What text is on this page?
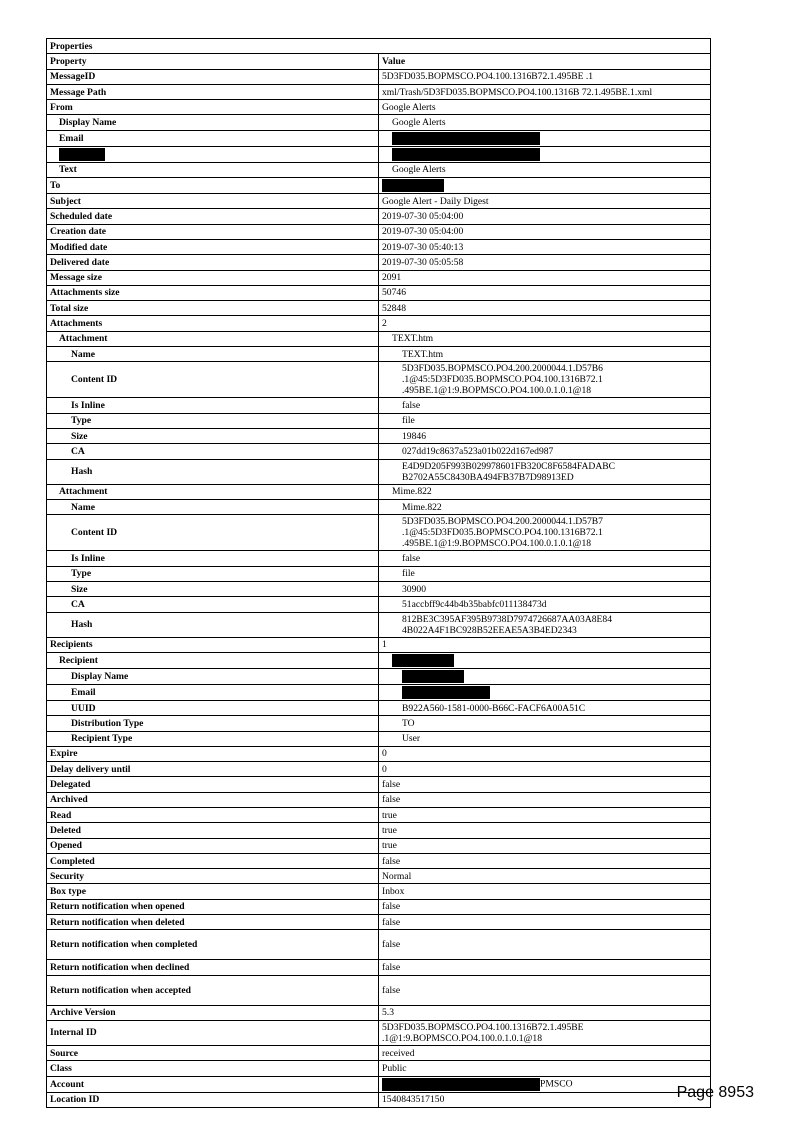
Properties	
Property	Value
MessageID	5D3FD035.BOPMSCO.PO4.100.1316B72.1.495BE .1

Message Path	xml/Trash/5D3FD035.BOPMSCO.PO4.100.1316B 72.1.495BE.1.xml

From	Google Alerts

Display Name	Google Alerts

Email	

Text	Google Alerts

To	

Subject	Google Alert - Daily Digest

Scheduled date	2019-07-30 05:04:00

Creation date	2019-07-30 05:04:00

Modified date	2019-07-30 05:40:13

Delivered date	2019-07-30 05:05:58

Message size	2091

Attachments size	50746

Total size	52848

Attachments	2

Attachment	TEXT.htm

Name	TEXT.htm

Content ID	5D3FD035.BOPMSCO.PO4.200.2000044.1.D57B6 .1@45:5D3FD035.BOPMSCO.PO4.100.1316B72.1 .495BE.1@1:9.BOPMSCO.PO4.100.0.1.0.1@18

Is Inline	false

Type	file

Size	19846

CA	027dd19c8637a523a01b022d167ed987

Hash	E4D9D205F993B029978601FB320C8F6584FADABC B2702A55C8430BA494FB37B7D98913ED

Attachment	Mime.822

Name	Mime.822

Content ID	5D3FD035.BOPMSCO.PO4.200.2000044.1.D57B7 .1@45:5D3FD035.BOPMSCO.PO4.100.1316B72.1 .495BE.1@1:9.BOPMSCO.PO4.100.0.1.0.1@18

Is Inline	false

Type	file

Size	30900

CA	51accbff9c44b4b35babfc011138473d

Hash	812BE3C395AF395B9738D7974726687AA03A8E84 4B022A4F1BC928B52EEAE5A3B4ED2343

Recipients	1

Recipient	

Display Name	

Email	

UUID	B922A560-1581-0000-B66C-FACF6A00A51C

Distribution Type	TO

Recipient Type	User

Expire	0

Delay delivery until	0

Delegated	false

Archived	false

Read	true

Deleted	true

Opened	true

Completed	false

Security	Normal

Box type	Inbox

Return notification when opened	false

Return notification when deleted	false

Return notification when completed	false

Return notification when declined	false

Return notification when accepted	false

Archive Version	5.3

Internal ID	5D3FD035.BOPMSCO.PO4.100.1316B72.1.495BE .1@1:9.BOPMSCO.PO4.100.0.1.0.1@18

Source	received

Class	Public

Account	PMSCO

Location ID	1540843517150	Page 8953
